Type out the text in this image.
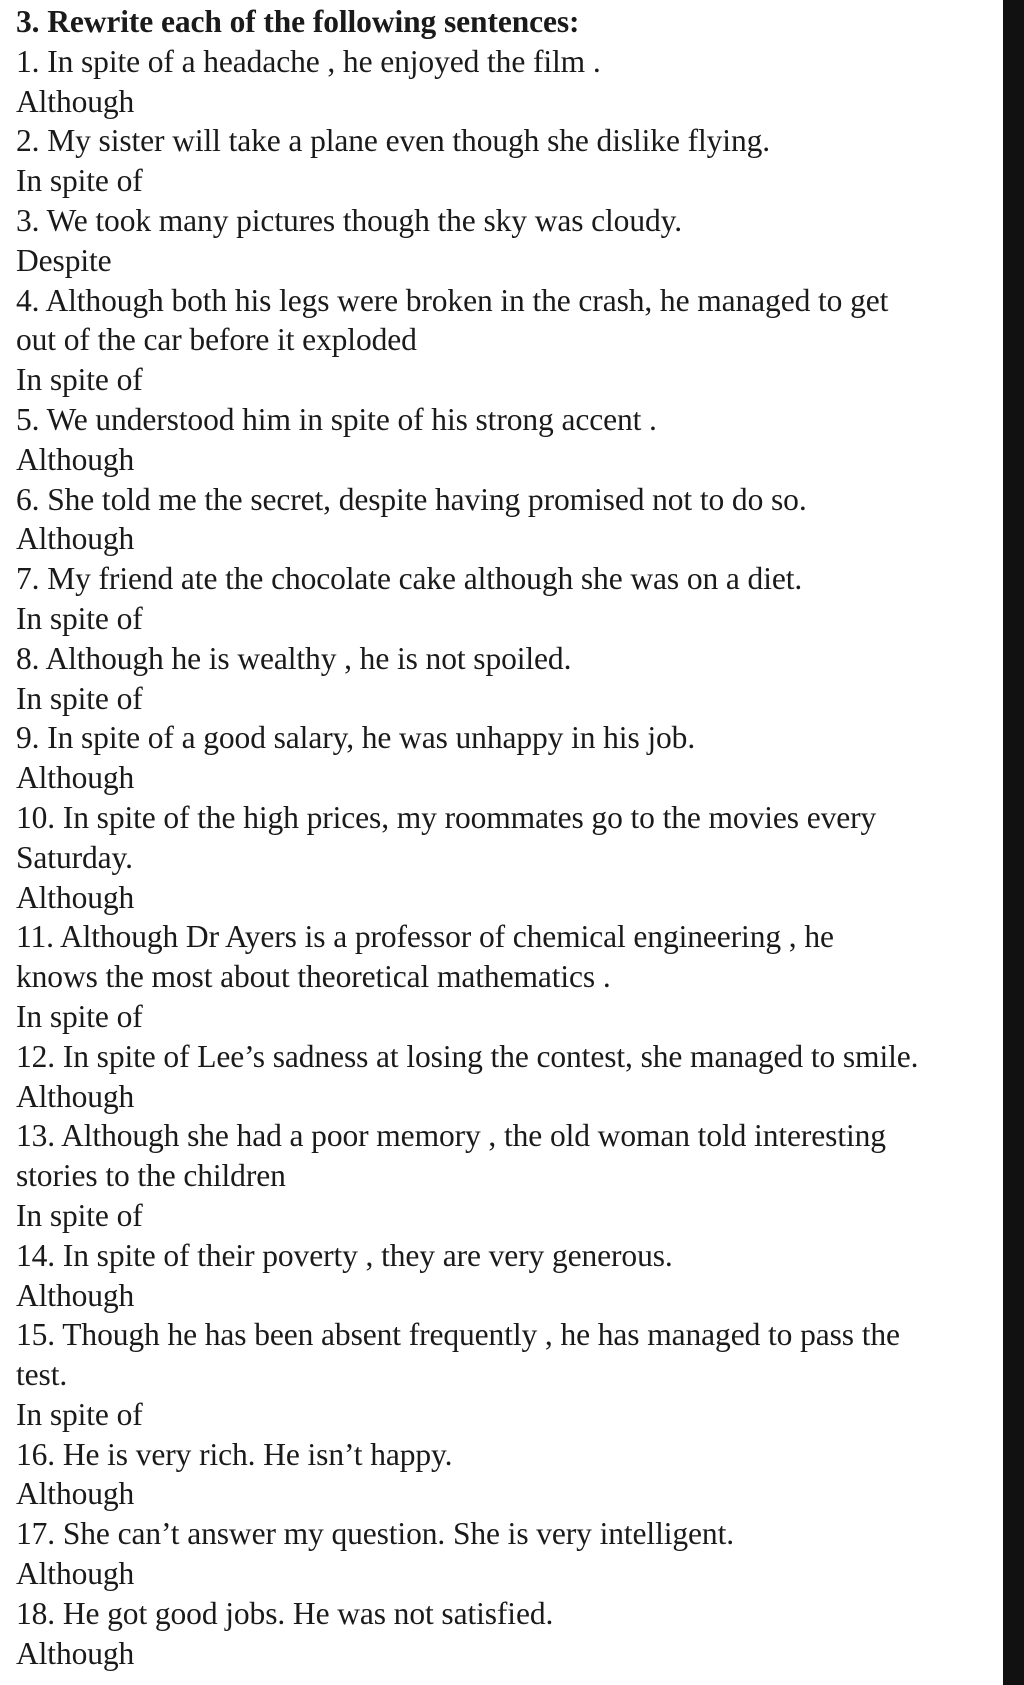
3. Rewrite each of the following sentences:

1. In spite of a headache , he enjoyed the film .

Although

2. My sister will take a plane even though she dislike flying.

In spite of

3. We took many pictures though the sky was cloudy.

Despite

4. Although both his legs were broken in the crash, he managed to get

out of the car before it exploded

In spite of

5. We understood him in spite of his strong accent .

Although

6. She told me the secret, despite having promised not to do so.

Although

7. My friend ate the chocolate cake although she was on a diet.

In spite of

8. Although he is wealthy , he is not spoiled.

In spite of

9. In spite of a good salary, he was unhappy in his job.

Although

10. In spite of the high prices, my roommates go to the movies every

Saturday.

Although

11. Although Dr Ayers is a professor of chemical engineering , he

knows the most about theoretical mathematics .

In spite of

12. In spite of Lee’s sadness at losing the contest, she managed to smile.

Although

13. Although she had a poor memory , the old woman told interesting

stories to the children

In spite of

14. In spite of their poverty , they are very generous.

Although

15. Though he has been absent frequently , he has managed to pass the

test.

In spite of

16. He is very rich. He isn’t happy.

Although

17. She can’t answer my question. She is very intelligent.

Although

18. He got good jobs. He was not satisfied.

Although
